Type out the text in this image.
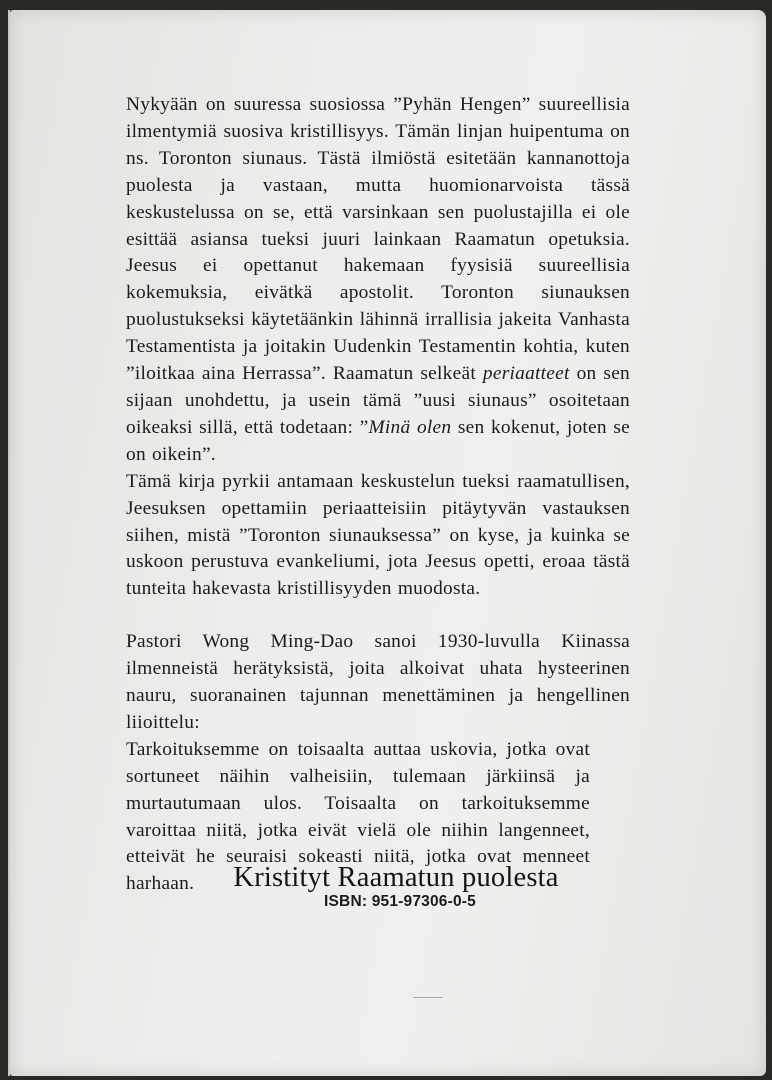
Nykyään on suuressa suosiossa ”Pyhän Hengen” suureellisia ilmentymiä suosiva kristillisyys. Tämän linjan huipentuma on ns. Toronton siunaus. Tästä ilmiöstä esitetään kannanottoja puolesta ja vastaan, mutta huomionarvoista tässä keskustelussa on se, että varsinkaan sen puolustajilla ei ole esittää asiansa tueksi juuri lainkaan Raamatun opetuksia. Jeesus ei opettanut hakemaan fyysisiä suureellisia kokemuksia, eivätkä apostolit. Toronton siunauksen puolustukseksi käytetäänkin lähinnä irrallisia jakeita Vanhasta Testamentista ja joitakin Uudenkin Testamentin kohtia, kuten ”iloitkaa aina Herrassa”. Raamatun selkeät periaatteet on sen sijaan unohdettu, ja usein tämä ”uusi siunaus” osoitetaan oikeaksi sillä, että todetaan: ”Minä olen sen kokenut, joten se on oikein”.

Tämä kirja pyrkii antamaan keskustelun tueksi raamatullisen, Jeesuksen opettamiin periaatteisiin pitäytyvän vastauksen siihen, mistä ”Toronton siunauksessa” on kyse, ja kuinka se uskoon perustuva evankeliumi, jota Jeesus opetti, eroaa tästä tunteita hakevasta kristillisyyden muodosta.

Pastori Wong Ming-Dao sanoi 1930-luvulla Kiinassa ilmenneistä herätyksistä, joita alkoivat uhata hysteerinen nauru, suoranainen tajunnan menettäminen ja hengellinen liioittelu:

Tarkoituksemme on toisaalta auttaa uskovia, jotka ovat sortuneet näihin valheisiin, tulemaan järkiinsä ja murtautumaan ulos. Toisaalta on tarkoituksemme varoittaa niitä, jotka eivät vielä ole niihin langenneet, etteivät he seuraisi sokeasti niitä, jotka ovat menneet harhaan.	Kristityt Raamatun puolesta
ISBN: 951-97306-0-5
